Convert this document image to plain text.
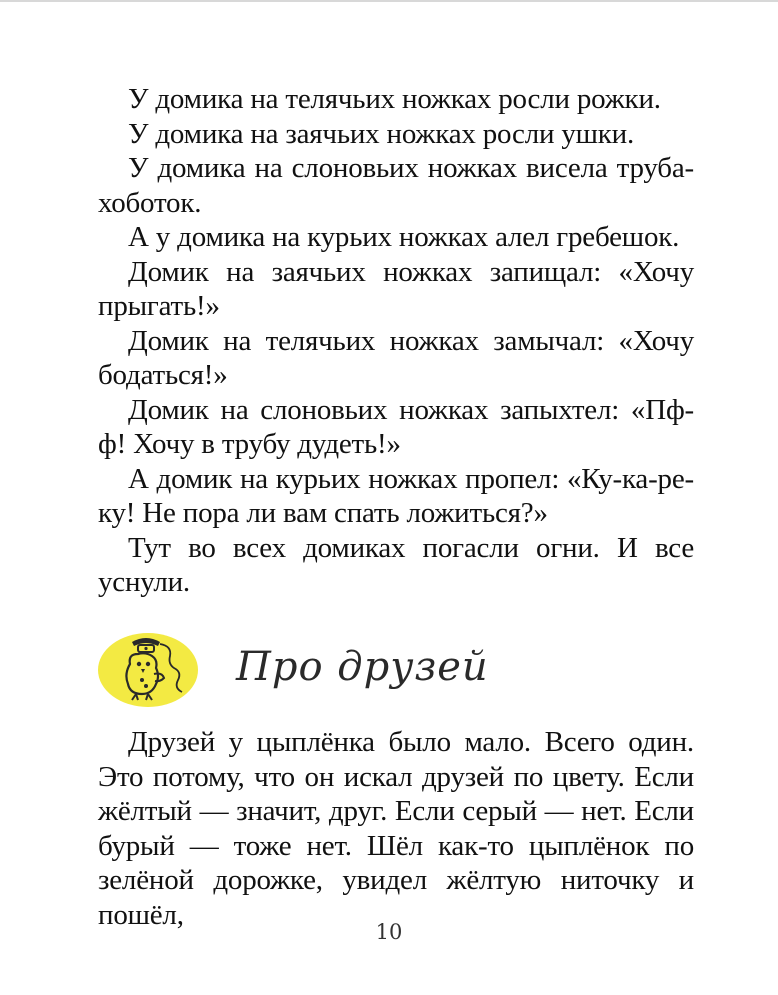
У домика на телячьих ножках росли рожки.

У домика на заячьих ножках росли ушки.

У домика на слоновьих ножках висела труба-хоботок.

А у домика на курьих ножках алел гребешок.

Домик на заячьих ножках запищал: «Хочу прыгать!»

Домик на телячьих ножках замычал: «Хочу бодаться!»

Домик на слоновьих ножках запыхтел: «Пф-ф! Хочу в трубу дудеть!»

А домик на курьих ножках пропел: «Ку-ка-ре-ку! Не пора ли вам спать ложиться?»

Тут во всех домиках погасли огни. И все уснули.

Про друзей

Друзей у цыплёнка было мало. Всего один. Это потому, что он искал друзей по цвету. Если жёлтый — значит, друг. Если серый — нет. Если бурый — тоже нет. Шёл как-то цыплёнок по зелёной дорожке, увидел жёлтую ниточку и пошёл,

10
